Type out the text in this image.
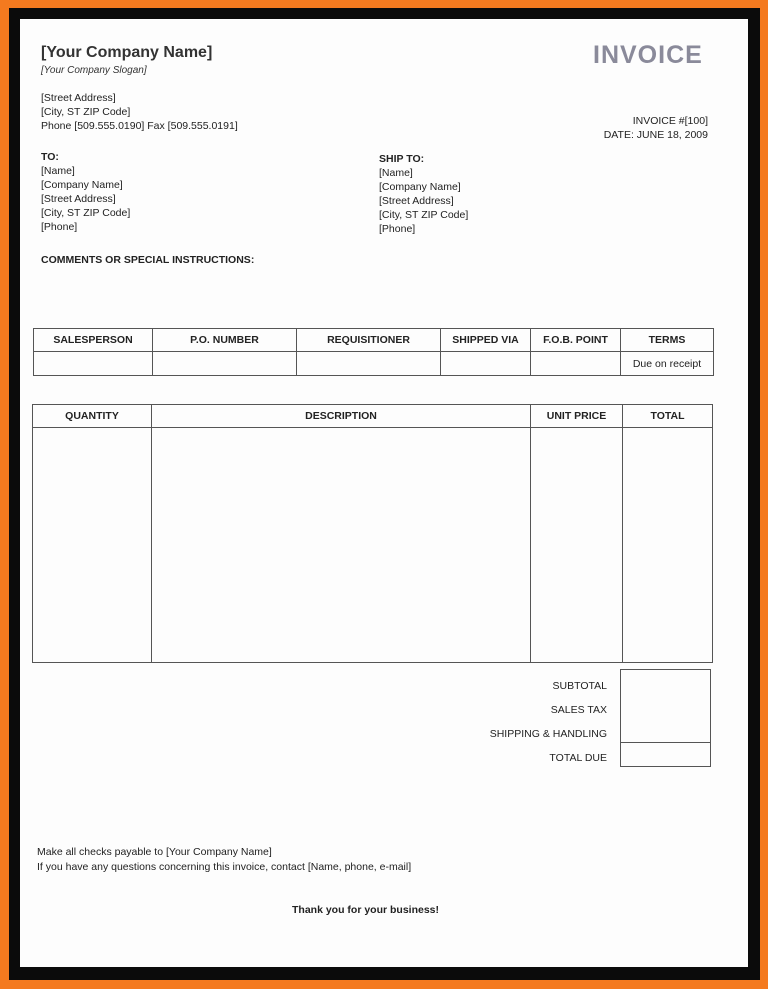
[Your Company Name]
[Your Company Slogan]
INVOICE
[Street Address]
[City, ST ZIP Code]
Phone [509.555.0190] Fax [509.555.0191]	INVOICE #[100]
DATE: JUNE 18, 2009
TO:
[Name]
[Company Name]
[Street Address]
[City, ST ZIP Code]
[Phone]
SHIP TO:
[Name]
[Company Name]
[Street Address]
[City, ST ZIP Code]
[Phone]
COMMENTS OR SPECIAL INSTRUCTIONS:
SALESPERSON	P.O. NUMBER	REQUISITIONER	SHIPPED VIA	F.O.B. POINT	TERMS
					Due on receipt
QUANTITY	DESCRIPTION	UNIT PRICE	TOTAL

SUBTOTAL
SALES TAX
SHIPPING & HANDLING
TOTAL DUE
Make all checks payable to [Your Company Name]
If you have any questions concerning this invoice, contact [Name, phone, e-mail]
Thank you for your business!
